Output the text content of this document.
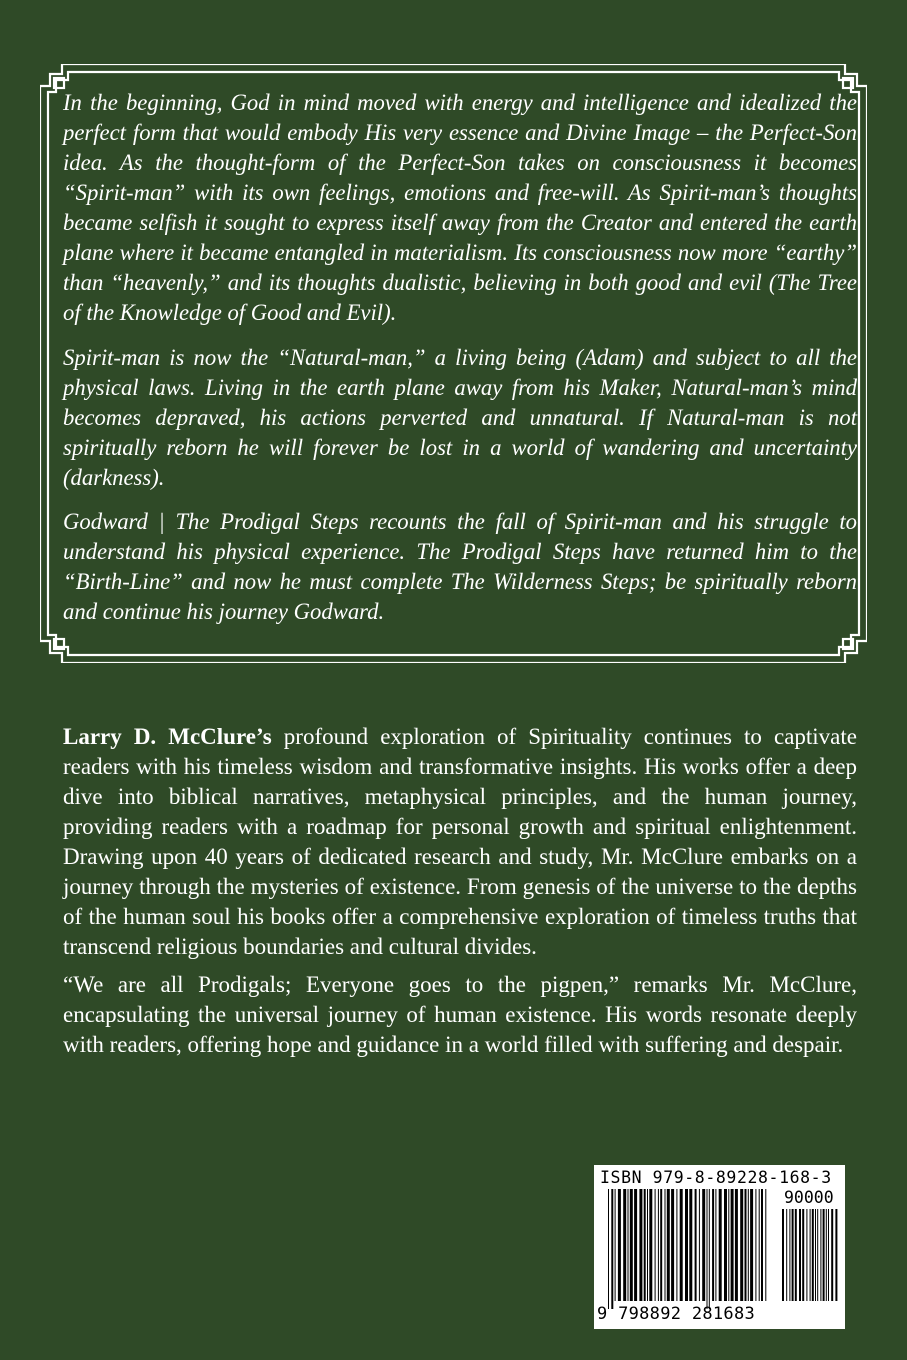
In the beginning, God in mind moved with energy and intelligence and idealized the perfect form that would embody His very essence and Divine Image – the Perfect-Son idea. As the thought-form of the Perfect-Son takes on consciousness it becomes “Spirit-man” with its own feelings, emotions and free-will. As Spirit-man’s thoughts became selfish it sought to express itself away from the Creator and entered the earth plane where it became entangled in materialism. Its consciousness now more “earthy” than “heavenly,” and its thoughts dualistic, believing in both good and evil (The Tree of the Knowledge of Good and Evil).

Spirit-man is now the “Natural-man,” a living being (Adam) and subject to all the physical laws. Living in the earth plane away from his Maker, Natural-man’s mind becomes depraved, his actions perverted and unnatural. If Natural-man is not spiritually reborn he will forever be lost in a world of wandering and uncertainty (darkness).

Godward | The Prodigal Steps recounts the fall of Spirit-man and his struggle to understand his physical experience. The Prodigal Steps have returned him to the “Birth-Line” and now he must complete The Wilderness Steps; be spiritually reborn and continue his journey Godward.

Larry D. McClure’s profound exploration of Spirituality continues to captivate readers with his timeless wisdom and transformative insights. His works offer a deep dive into biblical narratives, metaphysical principles, and the human journey, providing readers with a roadmap for personal growth and spiritual enlightenment. Drawing upon 40 years of dedicated research and study, Mr. McClure embarks on a journey through the mysteries of existence. From genesis of the universe to the depths of the human soul his books offer a comprehensive exploration of timeless truths that transcend religious boundaries and cultural divides.

“We are all Prodigals; Everyone goes to the pigpen,” remarks Mr. McClure, encapsulating the universal journey of human existence. His words resonate deeply with readers, offering hope and guidance in a world filled with suffering and despair.

ISBN 979-8-89228-168-3
90000
9 798892 281683
